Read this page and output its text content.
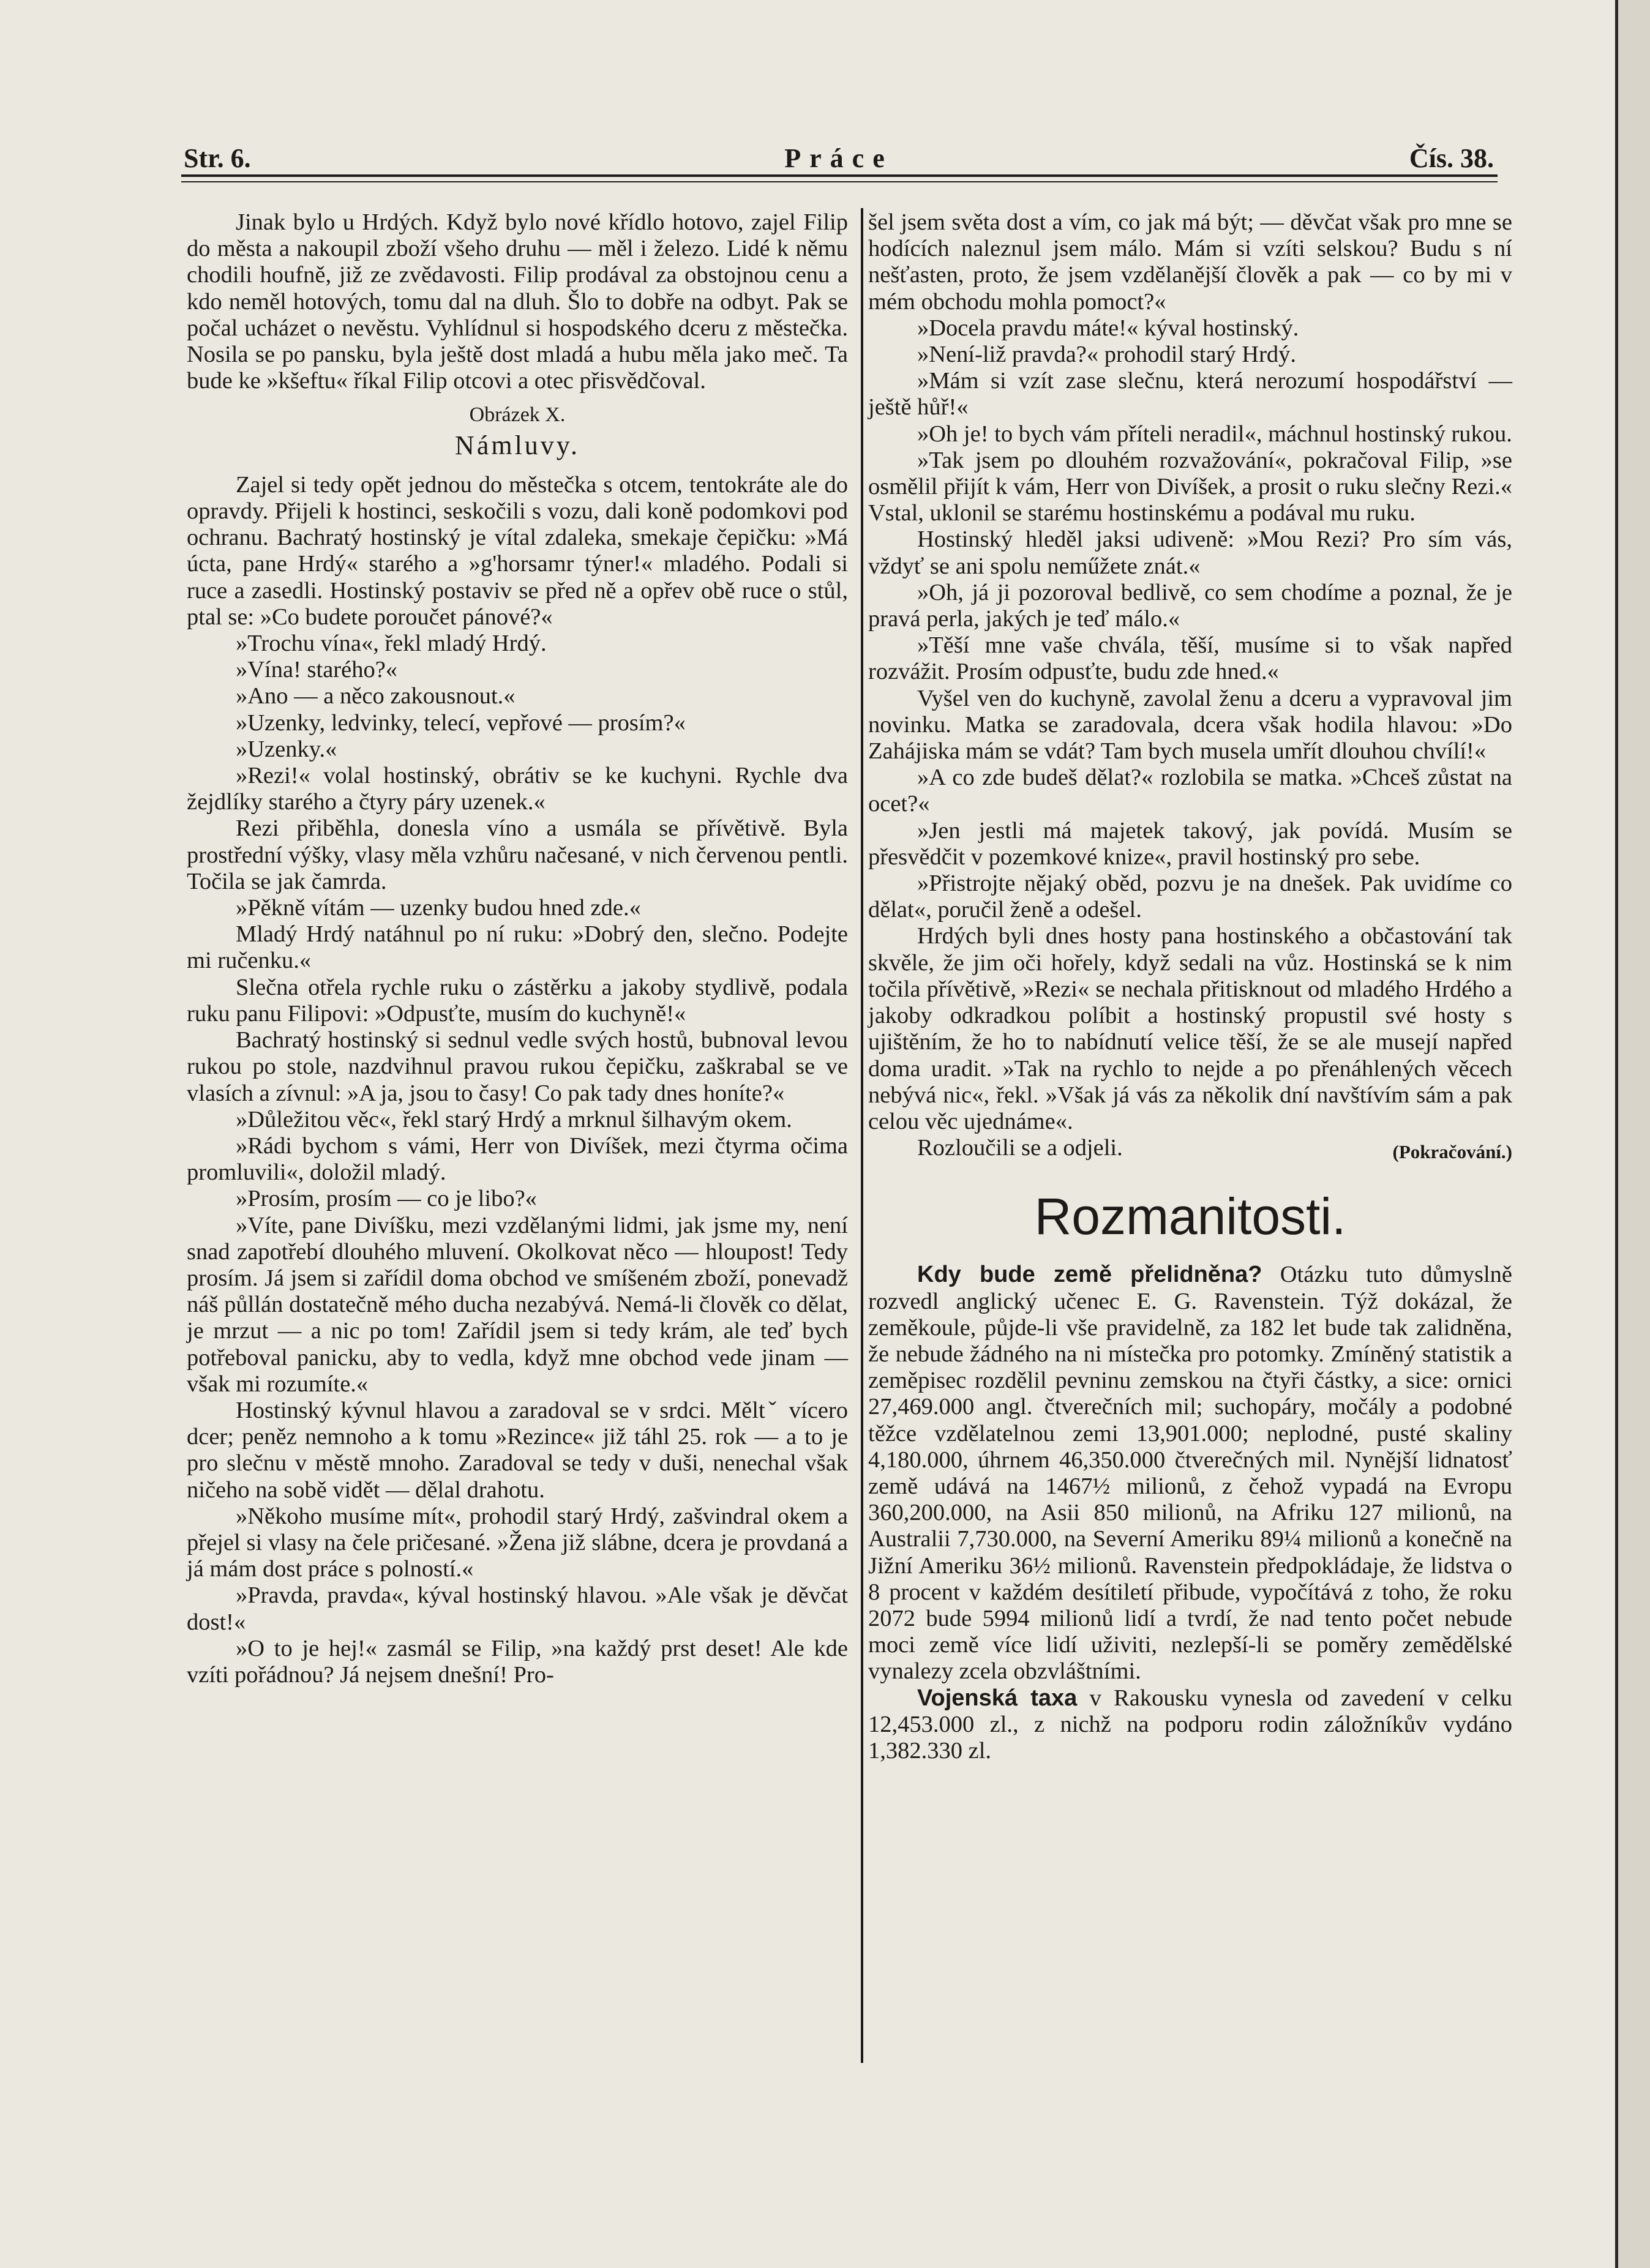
Str. 6.	Práce	Čís. 38.

Jinak bylo u Hrdých. Když bylo nové křídlo hotovo, zajel Filip do města a nakoupil zboží všeho druhu — měl i železo. Lidé k němu chodili houfně, již ze zvědavosti. Filip prodával za obstojnou cenu a kdo neměl hotových, tomu dal na dluh. Šlo to dobře na odbyt. Pak se počal ucházet o nevěstu. Vyhlídnul si hospodského dceru z městečka. Nosila se po pansku, byla ještě dost mladá a hubu měla jako meč. Ta bude ke »kšeftu« říkal Filip otcovi a otec přisvědčoval.

Obrázek X.

Námluvy.

Zajel si tedy opět jednou do městečka s otcem, tentokráte ale do opravdy. Přijeli k hostinci, seskočili s vozu, dali koně podomkovi pod ochranu. Bachratý hostinský je vítal zdaleka, smekaje čepičku: »Má úcta, pane Hrdý« starého a »g'horsamr týner!« mladého. Podali si ruce a zasedli. Hostinský postaviv se před ně a opřev obě ruce o stůl, ptal se: »Co budete poroučet pánové?«

»Trochu vína«, řekl mladý Hrdý.

»Vína! starého?«

»Ano — a něco zakousnout.«

»Uzenky, ledvinky, telecí, vepřové — prosím?«

»Uzenky.«

»Rezi!« volal hostinský, obrátiv se ke kuchyni. Rychle dva žejdlíky starého a čtyry páry uzenek.«

Rezi přiběhla, donesla víno a usmála se přívětivě. Byla prostřední výšky, vlasy měla vzhůru načesané, v nich červenou pentli. Točila se jak čamrda.

»Pěkně vítám — uzenky budou hned zde.«

Mladý Hrdý natáhnul po ní ruku: »Dobrý den, slečno. Podejte mi ručenku.«

Slečna otřela rychle ruku o zástěrku a jakoby stydlivě, podala ruku panu Filipovi: »Odpusťte, musím do kuchyně!«

Bachratý hostinský si sednul vedle svých hostů, bubnoval levou rukou po stole, nazdvihnul pravou rukou čepičku, zaškrabal se ve vlasích a zívnul: »A ja, jsou to časy! Co pak tady dnes honíte?«

»Důležitou věc«, řekl starý Hrdý a mrknul šilhavým okem.

»Rádi bychom s vámi, Herr von Divíšek, mezi čtyrma očima promluvili«, doložil mladý.

»Prosím, prosím — co je libo?«

»Víte, pane Divíšku, mezi vzdělanými lidmi, jak jsme my, není snad zapotřebí dlouhého mluvení. Okolkovat něco — hloupost! Tedy prosím. Já jsem si zařídil doma obchod ve smíšeném zboží, ponevadž náš půllán dostatečně mého ducha nezabývá. Nemá-li člověk co dělat, je mrzut — a nic po tom! Zařídil jsem si tedy krám, ale teď bych potřeboval panicku, aby to vedla, když mne obchod vede jinam — však mi rozumíte.«

Hostinský kývnul hlavou a zaradoval se v srdci. Měltˇ vícero dcer; peněz nemnoho a k tomu »Rezince« již táhl 25. rok — a to je pro slečnu v městě mnoho. Zaradoval se tedy v duši, nenechal však ničeho na sobě vidět — dělal drahotu.

»Někoho musíme mít«, prohodil starý Hrdý, zašvindral okem a přejel si vlasy na čele pričesané. »Žena již slábne, dcera je provdaná a já mám dost práce s polností.«

»Pravda, pravda«, kýval hostinský hlavou. »Ale však je děvčat dost!«

»O to je hej!« zasmál se Filip, »na každý prst deset! Ale kde vzíti pořádnou? Já nejsem dnešní! Pro-

šel jsem světa dost a vím, co jak má být; — děvčat však pro mne se hodících naleznul jsem málo. Mám si vzíti selskou? Budu s ní nešťasten, proto, že jsem vzdělanější člověk a pak — co by mi v mém obchodu mohla pomoct?«

»Docela pravdu máte!« kýval hostinský.

»Není-liž pravda?« prohodil starý Hrdý.

»Mám si vzít zase slečnu, která nerozumí hospodářství — ještě hůř!«

»Oh je! to bych vám příteli neradil«, máchnul hostinský rukou.

»Tak jsem po dlouhém rozvažování«, pokračoval Filip, »se osmělil přijít k vám, Herr von Divíšek, a prosit o ruku slečny Rezi.« Vstal, uklonil se starému hostinskému a podával mu ruku.

Hostinský hleděl jaksi udiveně: »Mou Rezi? Pro sím vás, vždyť se ani spolu neműžete znát.«

»Oh, já ji pozoroval bedlivě, co sem chodíme a poznal, že je pravá perla, jakých je teď málo.«

»Těší mne vaše chvála, těší, musíme si to však napřed rozvážit. Prosím odpusťte, budu zde hned.«

Vyšel ven do kuchyně, zavolal ženu a dceru a vypravoval jim novinku. Matka se zaradovala, dcera však hodila hlavou: »Do Zahájiska mám se vdát? Tam bych musela umřít dlouhou chvílí!«

»A co zde budeš dělat?« rozlobila se matka. »Chceš zůstat na ocet?«

»Jen jestli má majetek takový, jak povídá. Musím se přesvědčit v pozemkové knize«, pravil hostinský pro sebe.

»Přistrojte nějaký oběd, pozvu je na dnešek. Pak uvidíme co dělat«, poručil ženě a odešel.

Hrdých byli dnes hosty pana hostinského a občastování tak skvěle, že jim oči hořely, když sedali na vůz. Hostinská se k nim točila přívětivě, »Rezi« se nechala přitisknout od mladého Hrdého a jakoby odkradkou políbit a hostinský propustil své hosty s ujištěním, že ho to nabídnutí velice těší, že se ale musejí napřed doma uradit. »Tak na rychlo to nejde a po přenáhlených věcech nebývá nic«, řekl. »Však já vás za několik dní navštívím sám a pak celou věc ujednáme«.

Rozloučili se a odjeli.	(Pokračování.)

Rozmanitosti.

Kdy bude země přelidněna? Otázku tuto důmyslně rozvedl anglický učenec E. G. Ravenstein. Týž dokázal, že zeměkoule, půjde-li vše pravidelně, za 182 let bude tak zalidněna, že nebude žádného na ni místečka pro potomky. Zmíněný statistik a zeměpisec rozdělil pevninu zemskou na čtyři částky, a sice: ornici 27,469.000 angl. čtverečních mil; suchopáry, močály a podobné těžce vzdělatelnou zemi 13,901.000; neplodné, pusté skaliny 4,180.000, úhrnem 46,350.000 čtverečných mil. Nynější lidnatosť země udává na 1467½ milionů, z čehož vypadá na Evropu 360,200.000, na Asii 850 milionů, na Afriku 127 milionů, na Australii 7,730.000, na Severní Ameriku 89¼ milionů a konečně na Jižní Ameriku 36½ milionů. Ravenstein předpokládaje, že lidstva o 8 procent v každém desítiletí přibude, vypočítává z toho, že roku 2072 bude 5994 milionů lidí a tvrdí, že nad tento počet nebude moci země více lidí uživiti, nezlepší-li se poměry zemědělské vynalezy zcela obzvláštními.

Vojenská taxa v Rakousku vynesla od zavedení v celku 12,453.000 zl., z nichž na podporu rodin záložníkův vydáno 1,382.330 zl.
